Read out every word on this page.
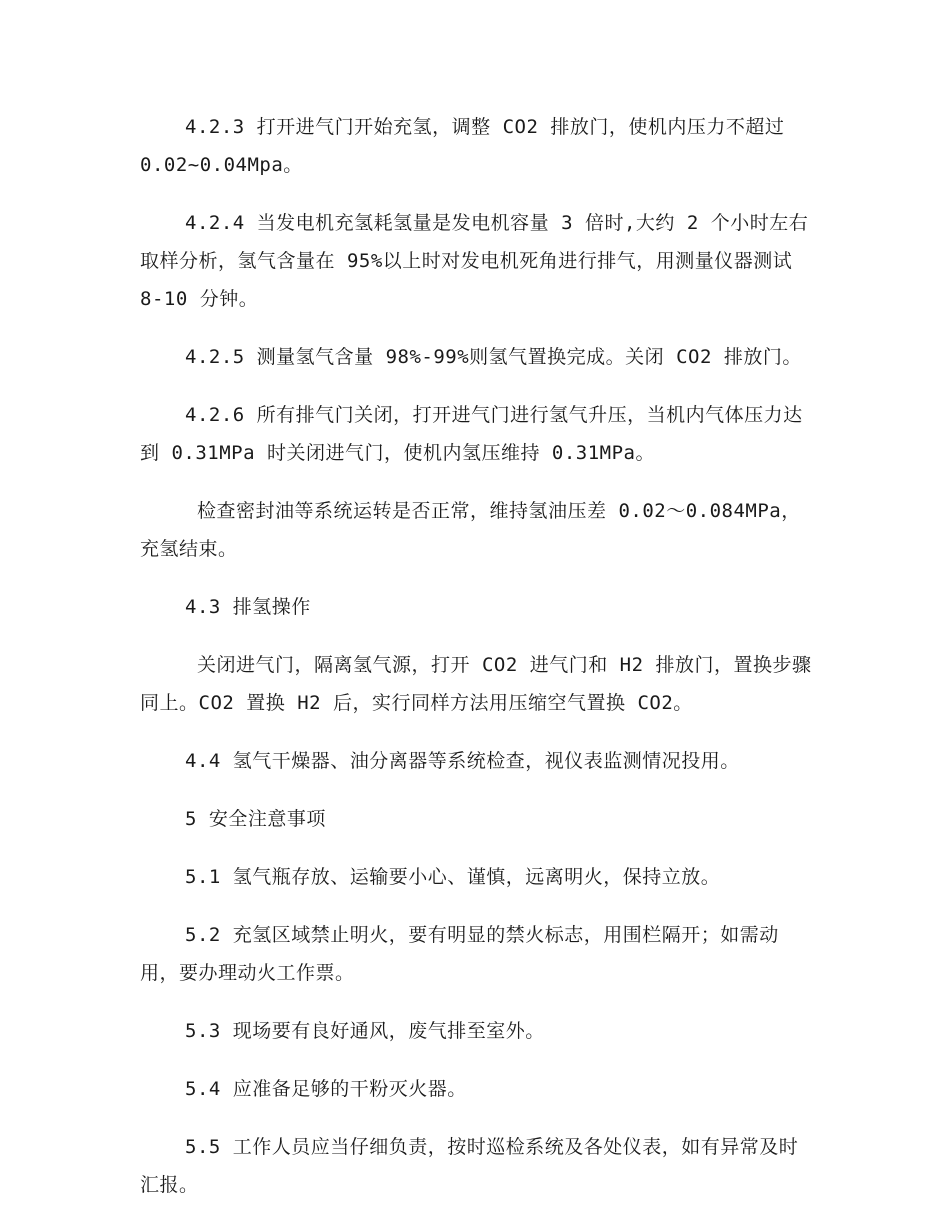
4.2.3 打开进气门开始充氢，调整 CO2 排放门，使机内压力不超过 0.02~0.04Mpa。

4.2.4 当发电机充氢耗氢量是发电机容量 3 倍时,大约 2 个小时左右取样分析，氢气含量在 95%以上时对发电机死角进行排气，用测量仪器测试 8-10 分钟。

4.2.5 测量氢气含量 98%-99%则氢气置换完成。关闭 CO2 排放门。

4.2.6 所有排气门关闭，打开进气门进行氢气升压，当机内气体压力达到 0.31MPa 时关闭进气门，使机内氢压维持 0.31MPa。

检查密封油等系统运转是否正常，维持氢油压差 0.02～0.084MPa，充氢结束。

4.3 排氢操作

关闭进气门，隔离氢气源，打开 CO2 进气门和 H2 排放门，置换步骤同上。CO2 置换 H2 后，实行同样方法用压缩空气置换 CO2。

4.4 氢气干燥器、油分离器等系统检查，视仪表监测情况投用。

5 安全注意事项

5.1 氢气瓶存放、运输要小心、谨慎，远离明火，保持立放。

5.2 充氢区域禁止明火，要有明显的禁火标志，用围栏隔开；如需动用，要办理动火工作票。

5.3 现场要有良好通风，废气排至室外。

5.4 应准备足够的干粉灭火器。

5.5 工作人员应当仔细负责，按时巡检系统及各处仪表，如有异常及时汇报。
